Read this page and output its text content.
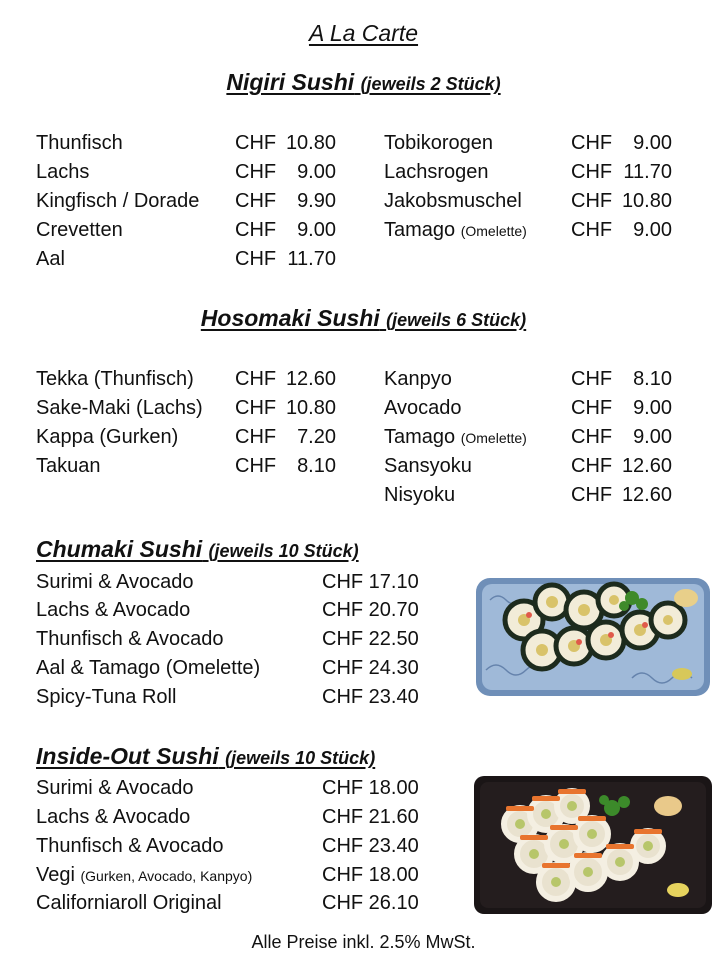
A La Carte
Nigiri Sushi (jeweils 2 Stück)
Thunfisch	CHF 10.80
Lachs	CHF 9.00
Kingfisch / Dorade CHF 9.90
Crevetten	CHF 9.00
Aal	CHF 11.70
Tobikorogen	CHF 9.00
Lachsrogen	CHF 11.70
Jakobsmuschel CHF 10.80
Tamago (Omelette) CHF 9.00
Hosomaki Sushi (jeweils 6 Stück)
Tekka (Thunfisch) CHF 12.60
Sake-Maki (Lachs) CHF 10.80
Kappa (Gurken)	CHF 7.20
Takuan	CHF 8.10
Kanpyo	CHF 8.10
Avocado	CHF 9.00
Tamago (Omelette) CHF 9.00
Sansyoku	CHF 12.60
Nisyoku	CHF 12.60
Chumaki Sushi (jeweils 10 Stück)
Surimi & Avocado	CHF 17.10
Lachs & Avocado	CHF 20.70
Thunfisch & Avocado	CHF 22.50
Aal & Tamago (Omelette)	CHF 24.30
Spicy-Tuna Roll	CHF 23.40
Inside-Out Sushi (jeweils 10 Stück)
Surimi & Avocado	CHF 18.00
Lachs & Avocado	CHF 21.60
Thunfisch & Avocado	CHF 23.40
Vegi (Gurken, Avocado, Kanpyo)	CHF 18.00
Californiaroll Original	CHF 26.10
Alle Preise inkl. 2.5% MwSt.
